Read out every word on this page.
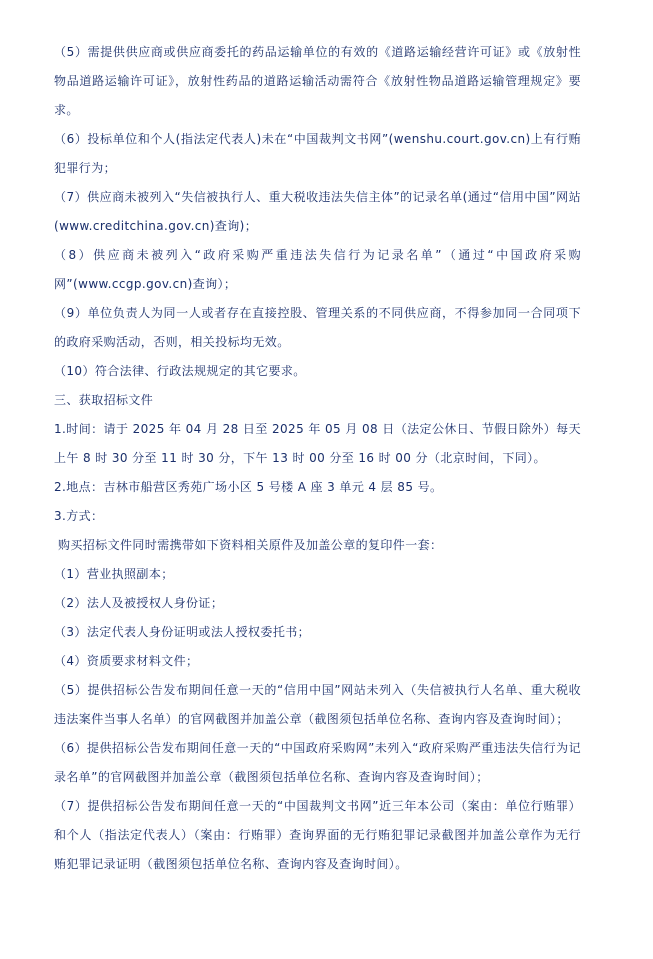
（5）需提供供应商或供应商委托的药品运输单位的有效的《道路运输经营许可证》或《放射性物品道路运输许可证》，放射性药品的道路运输活动需符合《放射性物品道路运输管理规定》要求。
（6）投标单位和个人(指法定代表人)未在“中国裁判文书网”(wenshu.court.gov.cn)上有行贿犯罪行为；
（7）供应商未被列入“失信被执行人、重大税收违法失信主体”的记录名单(通过“信用中国”网站(www.creditchina.gov.cn)查询)；
（8）供应商未被列入“政府采购严重违法失信行为记录名单”（通过“中国政府采购网”(www.ccgp.gov.cn)查询）；
（9）单位负责人为同一人或者存在直接控股、管理关系的不同供应商，不得参加同一合同项下的政府采购活动，否则，相关投标均无效。
（10）符合法律、行政法规规定的其它要求。
三、获取招标文件
1.时间：请于 2025 年 04 月 28 日至 2025 年 05 月 08 日（法定公休日、节假日除外）每天上午 8 时 30 分至 11 时 30 分，下午 13 时 00 分至 16 时 00 分（北京时间，下同）。
2.地点：吉林市船营区秀苑广场小区 5 号楼 A 座 3 单元 4 层 85 号。
3.方式：
购买招标文件同时需携带如下资料相关原件及加盖公章的复印件一套：
（1）营业执照副本；
（2）法人及被授权人身份证；
（3）法定代表人身份证明或法人授权委托书；
（4）资质要求材料文件；
（5）提供招标公告发布期间任意一天的“信用中国”网站未列入（失信被执行人名单、重大税收违法案件当事人名单）的官网截图并加盖公章（截图须包括单位名称、查询内容及查询时间）；
（6）提供招标公告发布期间任意一天的“中国政府采购网”未列入“政府采购严重违法失信行为记录名单”的官网截图并加盖公章（截图须包括单位名称、查询内容及查询时间）；
（7）提供招标公告发布期间任意一天的“中国裁判文书网”近三年本公司（案由：单位行贿罪）和个人（指法定代表人）（案由：行贿罪）查询界面的无行贿犯罪记录截图并加盖公章作为无行贿犯罪记录证明（截图须包括单位名称、查询内容及查询时间）。
